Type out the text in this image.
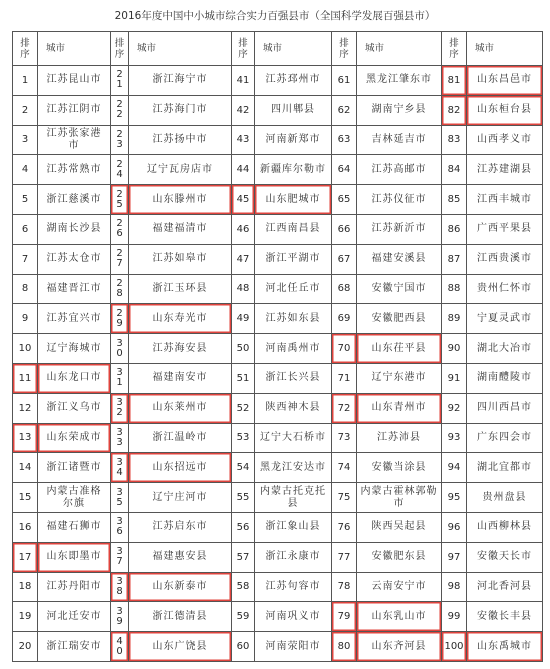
2016年度中国中小城市综合实力百强县市（全国科学发展百强县市）
排序	城市	排序	城市	排序	城市	排序	城市	排序	城市
1	江苏昆山市	21	浙江海宁市	41	江苏邳州市	61	黑龙江肇东市	81	山东昌邑市
2	江苏江阴市	22	江苏海门市	42	四川郫县	62	湖南宁乡县	82	山东桓台县
3	江苏张家港市	23	江苏扬中市	43	河南新郑市	63	吉林延吉市	83	山西孝义市
4	江苏常熟市	24	辽宁瓦房店市	44	新疆库尔勒市	64	江苏高邮市	84	江苏建湖县
5	浙江慈溪市	25	山东滕州市	45	山东肥城市	65	江苏仪征市	85	江西丰城市
6	湖南长沙县	26	福建福清市	46	江西南昌县	66	江苏新沂市	86	广西平果县
7	江苏太仓市	27	江苏如皋市	47	浙江平湖市	67	福建安溪县	87	江西贵溪市
8	福建晋江市	28	浙江玉环县	48	河北任丘市	68	安徽宁国市	88	贵州仁怀市
9	江苏宜兴市	29	山东寿光市	49	江苏如东县	69	安徽肥西县	89	宁夏灵武市
10	辽宁海城市	30	江苏海安县	50	河南禹州市	70	山东茌平县	90	湖北大冶市
11	山东龙口市	31	福建南安市	51	浙江长兴县	71	辽宁东港市	91	湖南醴陵市
12	浙江义乌市	32	山东莱州市	52	陕西神木县	72	山东青州市	92	四川西昌市
13	山东荣成市	33	浙江温岭市	53	辽宁大石桥市	73	江苏沛县	93	广东四会市
14	浙江诸暨市	34	山东招远市	54	黑龙江安达市	74	安徽当涂县	94	湖北宜都市
15	内蒙古准格尔旗	35	辽宁庄河市	55	内蒙古托克托县	75	内蒙古霍林郭勒市	95	贵州盘县
16	福建石狮市	36	江苏启东市	56	浙江象山县	76	陕西吴起县	96	山西柳林县
17	山东即墨市	37	福建惠安县	57	浙江永康市	77	安徽肥东县	97	安徽天长市
18	江苏丹阳市	38	山东新泰市	58	江苏句容市	78	云南安宁市	98	河北香河县
19	河北迁安市	39	浙江德清县	59	河南巩义市	79	山东乳山市	99	安徽长丰县
20	浙江瑞安市	40	山东广饶县	60	河南荥阳市	80	山东齐河县	100	山东禹城市
